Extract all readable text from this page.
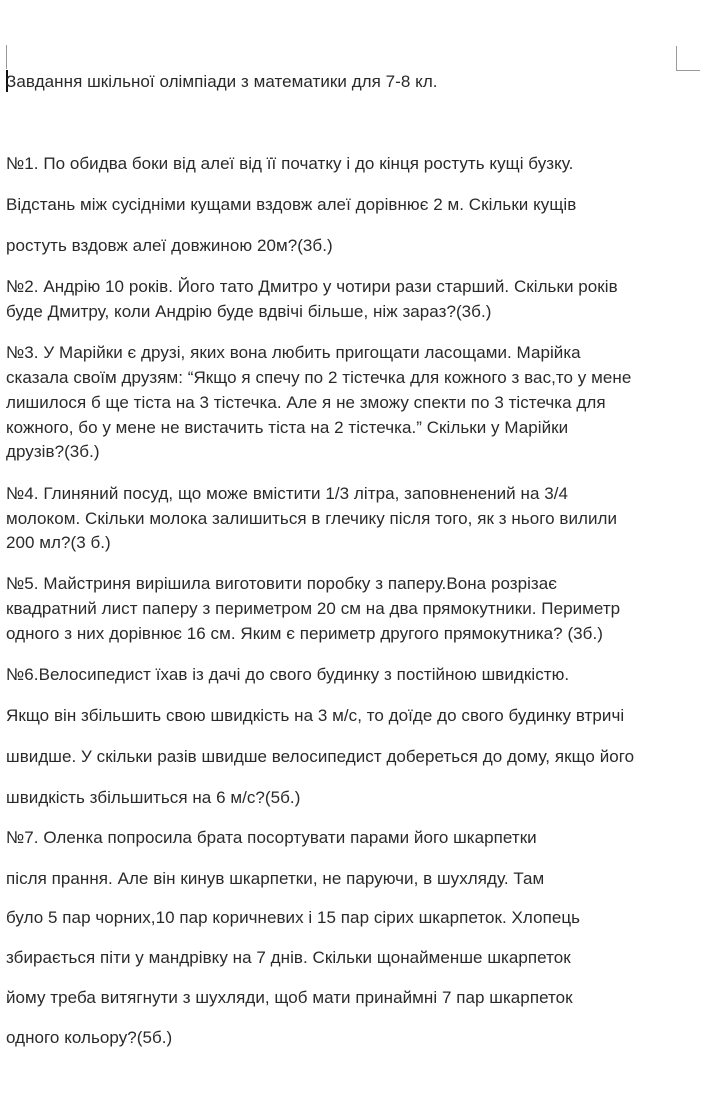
Завдання шкільної олімпіади з математики для 7-8 кл.

№1. По обидва боки від алеї від її початку і до кінця ростуть кущі бузку.

Відстань між сусідніми кущами вздовж алеї дорівнює 2 м. Скільки кущів

ростуть вздовж алеї довжиною 20м?(3б.)

№2. Андрію 10 років. Його тато Дмитро у чотири рази старший. Скільки років

буде Дмитру, коли Андрію буде вдвічі більше, ніж зараз?(3б.)

№3. У Марійки є друзі, яких вона любить пригощати ласощами. Марійка

сказала своїм друзям: “Якщо я спечу по 2 тістечка для кожного з вас,то у мене

лишилося б ще тіста на 3 тістечка. Але я не зможу спекти по 3 тістечка для

кожного, бо у мене не вистачить тіста на 2 тістечка.” Скільки у Марійки

друзів?(3б.)

№4. Глиняний посуд, що може вмістити 1/3 літра, заповненений на 3/4

молоком. Скільки молока залишиться в глечику після того, як з нього вилили

200 мл?(3 б.)

№5. Майстриня вирішила виготовити поробку з паперу.Вона розрізає

квадратний лист паперу з периметром 20 см на два прямокутники. Периметр

одного з них дорівнює 16 см. Яким є периметр другого прямокутника? (3б.)

№6.Велосипедист їхав із дачі до свого будинку з постійною швидкістю.

Якщо він збільшить свою швидкість на 3 м/с, то доїде до свого будинку втричі

швидше. У скільки разів швидше велосипедист добереться до дому, якщо його

швидкість збільшиться на 6 м/с?(5б.)

№7. Оленка попросила брата посортувати парами його шкарпетки

після прання. Але він кинув шкарпетки, не паруючи, в шухляду. Там

було 5 пар чорних,10 пар коричневих і 15 пар сірих шкарпеток. Хлопець

збирається піти у мандрівку на 7 днів. Скільки щонайменше шкарпеток

йому треба витягнути з шухляди, щоб мати принаймні 7 пар шкарпеток

одного кольору?(5б.)
